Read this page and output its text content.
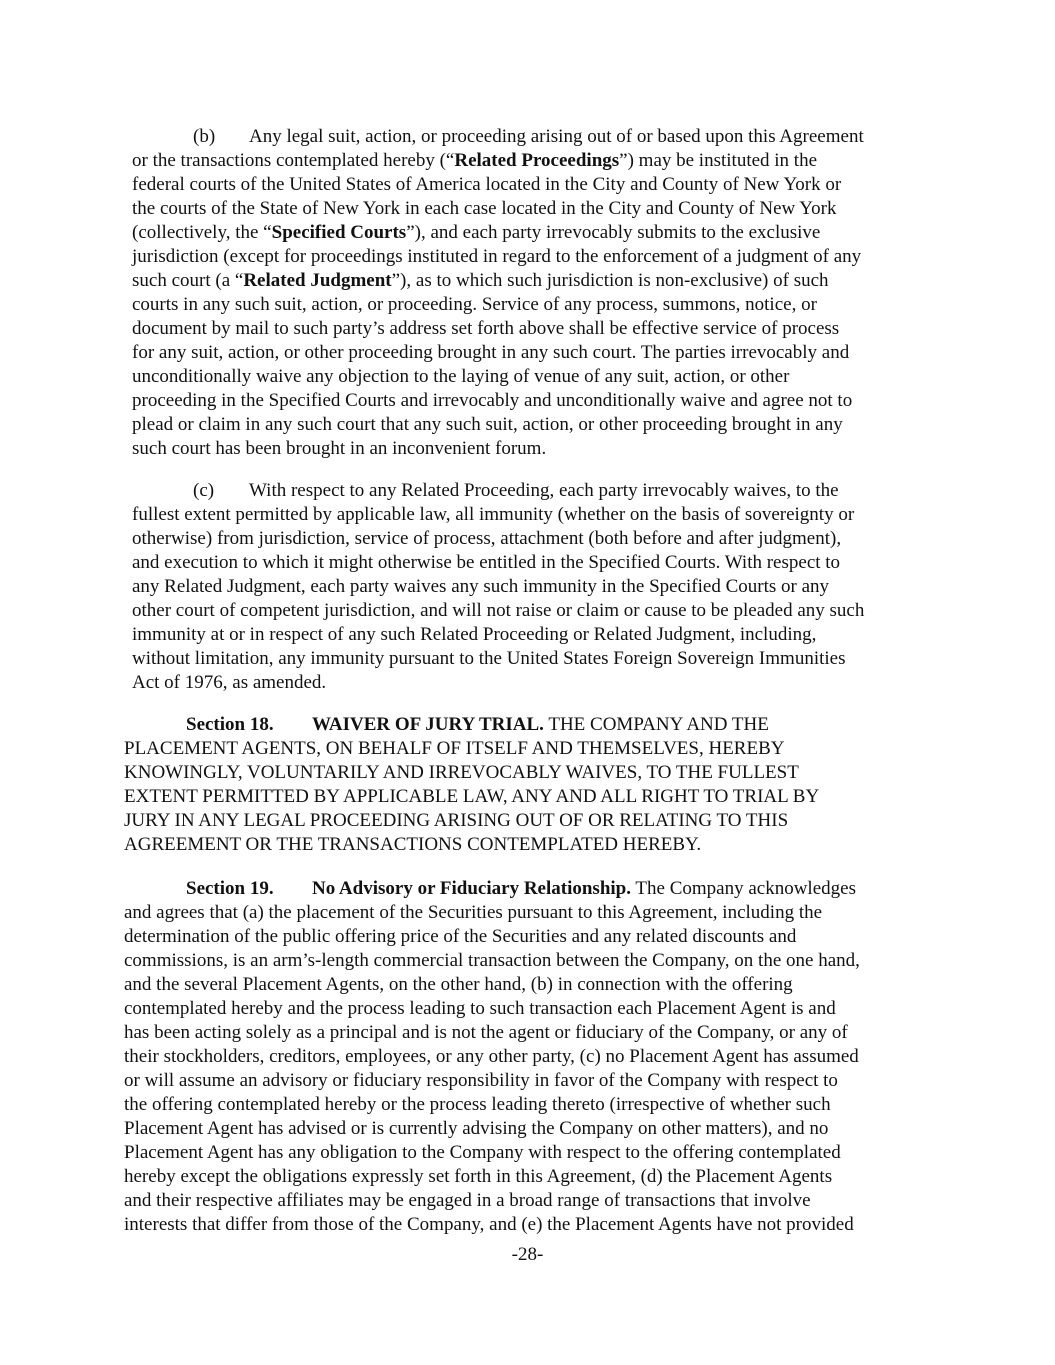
(b) Any legal suit, action, or proceeding arising out of or based upon this Agreement
or the transactions contemplated hereby (“Related Proceedings”) may be instituted in the
federal courts of the United States of America located in the City and County of New York or
the courts of the State of New York in each case located in the City and County of New York
(collectively, the “Specified Courts”), and each party irrevocably submits to the exclusive
jurisdiction (except for proceedings instituted in regard to the enforcement of a judgment of any
such court (a “Related Judgment”), as to which such jurisdiction is non-exclusive) of such
courts in any such suit, action, or proceeding. Service of any process, summons, notice, or
document by mail to such party’s address set forth above shall be effective service of process
for any suit, action, or other proceeding brought in any such court. The parties irrevocably and
unconditionally waive any objection to the laying of venue of any suit, action, or other
proceeding in the Specified Courts and irrevocably and unconditionally waive and agree not to
plead or claim in any such court that any such suit, action, or other proceeding brought in any
such court has been brought in an inconvenient forum.
(c) With respect to any Related Proceeding, each party irrevocably waives, to the
fullest extent permitted by applicable law, all immunity (whether on the basis of sovereignty or
otherwise) from jurisdiction, service of process, attachment (both before and after judgment),
and execution to which it might otherwise be entitled in the Specified Courts. With respect to
any Related Judgment, each party waives any such immunity in the Specified Courts or any
other court of competent jurisdiction, and will not raise or claim or cause to be pleaded any such
immunity at or in respect of any such Related Proceeding or Related Judgment, including,
without limitation, any immunity pursuant to the United States Foreign Sovereign Immunities
Act of 1976, as amended.
Section 18. WAIVER OF JURY TRIAL. THE COMPANY AND THE
PLACEMENT AGENTS, ON BEHALF OF ITSELF AND THEMSELVES, HEREBY
KNOWINGLY, VOLUNTARILY AND IRREVOCABLY WAIVES, TO THE FULLEST
EXTENT PERMITTED BY APPLICABLE LAW, ANY AND ALL RIGHT TO TRIAL BY
JURY IN ANY LEGAL PROCEEDING ARISING OUT OF OR RELATING TO THIS
AGREEMENT OR THE TRANSACTIONS CONTEMPLATED HEREBY.
Section 19. No Advisory or Fiduciary Relationship. The Company acknowledges
and agrees that (a) the placement of the Securities pursuant to this Agreement, including the
determination of the public offering price of the Securities and any related discounts and
commissions, is an arm’s-length commercial transaction between the Company, on the one hand,
and the several Placement Agents, on the other hand, (b) in connection with the offering
contemplated hereby and the process leading to such transaction each Placement Agent is and
has been acting solely as a principal and is not the agent or fiduciary of the Company, or any of
their stockholders, creditors, employees, or any other party, (c) no Placement Agent has assumed
or will assume an advisory or fiduciary responsibility in favor of the Company with respect to
the offering contemplated hereby or the process leading thereto (irrespective of whether such
Placement Agent has advised or is currently advising the Company on other matters), and no
Placement Agent has any obligation to the Company with respect to the offering contemplated
hereby except the obligations expressly set forth in this Agreement, (d) the Placement Agents
and their respective affiliates may be engaged in a broad range of transactions that involve
interests that differ from those of the Company, and (e) the Placement Agents have not provided
-28-
